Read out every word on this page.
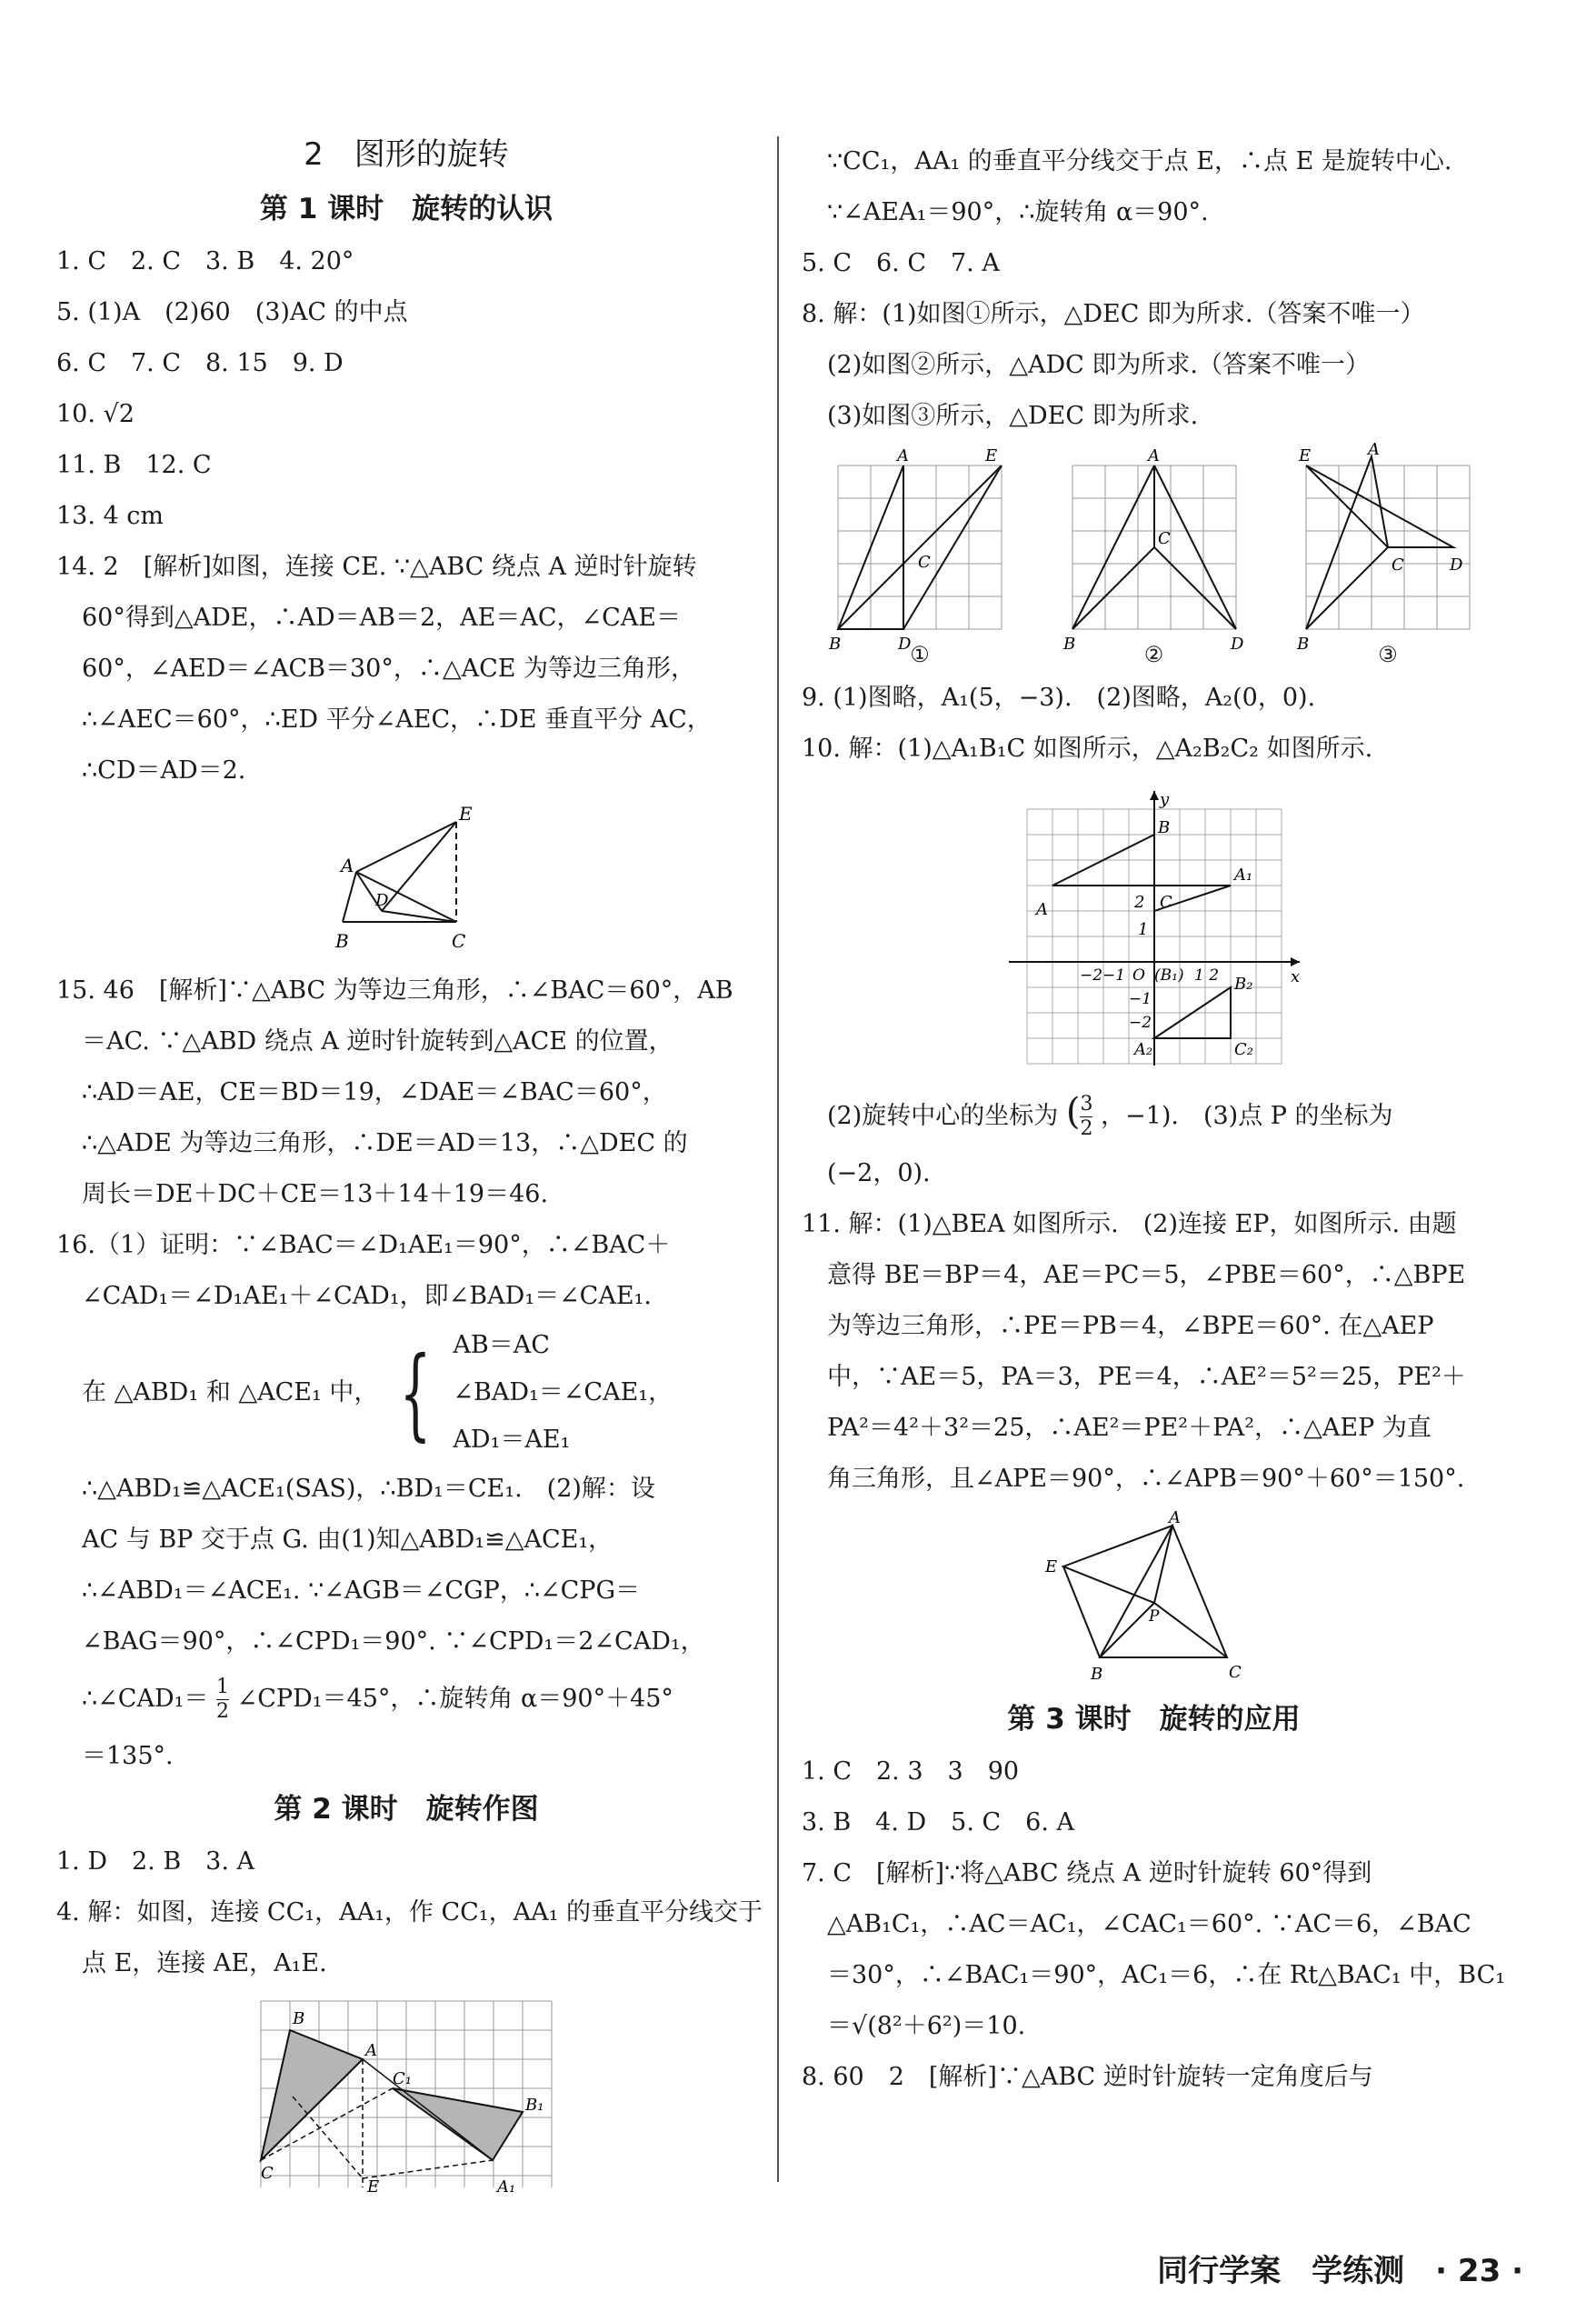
2　图形的旋转
第 1 课时　旋转的认识
1. C　2. C　3. B　4. 20°
5. (1)A　(2)60　(3)AC 的中点
6. C　7. C　8. 15　9. D
10. √2
11. B　12. C
13. 4 cm
14. 2　[解析]如图，连接 CE. ∵△ABC 绕点 A 逆时针旋转
60°得到△ADE，∴AD＝AB＝2，AE＝AC，∠CAE＝
60°，∠AED＝∠ACB＝30°，∴△ACE 为等边三角形，
∴∠AEC＝60°，∴ED 平分∠AEC，∴DE 垂直平分 AC，
∴CD＝AD＝2.
E
A
D
B	C
15. 46　[解析]∵△ABC 为等边三角形，∴∠BAC＝60°，AB
＝AC. ∵△ABD 绕点 A 逆时针旋转到△ACE 的位置，
∴AD＝AE，CE＝BD＝19，∠DAE＝∠BAC＝60°，
∴△ADE 为等边三角形，∴DE＝AD＝13，∴△DEC 的
周长＝DE＋DC＋CE＝13＋14＋19＝46.
16.（1）证明：∵∠BAC＝∠D₁AE₁＝90°，∴∠BAC＋
∠CAD₁＝∠D₁AE₁＋∠CAD₁，即∠BAD₁＝∠CAE₁.
在 △ABD₁ 和 △ACE₁ 中， { AB＝AC
∠BAD₁＝∠CAE₁，
AD₁＝AE₁
∴△ABD₁≌△ACE₁(SAS)，∴BD₁＝CE₁.　(2)解：设
AC 与 BP 交于点 G. 由(1)知△ABD₁≌△ACE₁，
∴∠ABD₁＝∠ACE₁. ∵∠AGB＝∠CGP，∴∠CPG＝
∠BAG＝90°，∴∠CPD₁＝90°. ∵∠CPD₁＝2∠CAD₁，
∴∠CAD₁＝ $\frac{1}{2}$ ∠CPD₁＝45°，∴旋转角 α＝90°＋45°
＝135°.
第 2 课时　旋转作图
1. D　2. B　3. A
4. 解：如图，连接 CC₁，AA₁，作 CC₁，AA₁ 的垂直平分线交于
点 E，连接 AE，A₁E.
B
A
C₁
B₁
C
E	A₁
∵CC₁，AA₁ 的垂直平分线交于点 E，∴点 E 是旋转中心.
∵∠AEA₁＝90°，∴旋转角 α＝90°.
5. C　6. C　7. A
8. 解：(1)如图①所示，△DEC 即为所求.（答案不唯一）
(2)如图②所示，△ADC 即为所求.（答案不唯一）
(3)如图③所示，△DEC 即为所求.
A	E
C
B	D
①
A
C
B	D
②
E	A
C	D
B	③
9. (1)图略，A₁(5，−3).　(2)图略，A₂(0，0).
10. 解：(1)△A₁B₁C 如图所示，△A₂B₂C₂ 如图所示.
y
x
B
A	2 C
A₁
1
−2−1 O (B₁) 1 2
−1
−2
B₂
A₂	C₂
(2)旋转中心的坐标为 ( $\frac{3}{2}$ ，−1).　(3)点 P 的坐标为
(−2，0).
11. 解：(1)△BEA 如图所示.　(2)连接 EP，如图所示. 由题
意得 BE＝BP＝4，AE＝PC＝5，∠PBE＝60°，∴△BPE
为等边三角形，∴PE＝PB＝4，∠BPE＝60°. 在△AEP
中，∵AE＝5，PA＝3，PE＝4，∴AE²＝5²＝25，PE²＋
PA²＝4²＋3²＝25，∴AE²＝PE²＋PA²，∴△AEP 为直
角三角形，且∠APE＝90°，∴∠APB＝90°＋60°＝150°.
A
E
P
B	C
第 3 课时　旋转的应用
1. C　2. 3　3　90
3. B　4. D　5. C　6. A
7. C　[解析]∵将△ABC 绕点 A 逆时针旋转 60°得到
△AB₁C₁，∴AC＝AC₁，∠CAC₁＝60°. ∵AC＝6，∠BAC
＝30°，∴∠BAC₁＝90°，AC₁＝6，∴在 Rt△BAC₁ 中，BC₁
＝√(8²＋6²)＝10.
8. 60　2　[解析]∵△ABC 逆时针旋转一定角度后与
同行学案　学练测　· 23 ·
